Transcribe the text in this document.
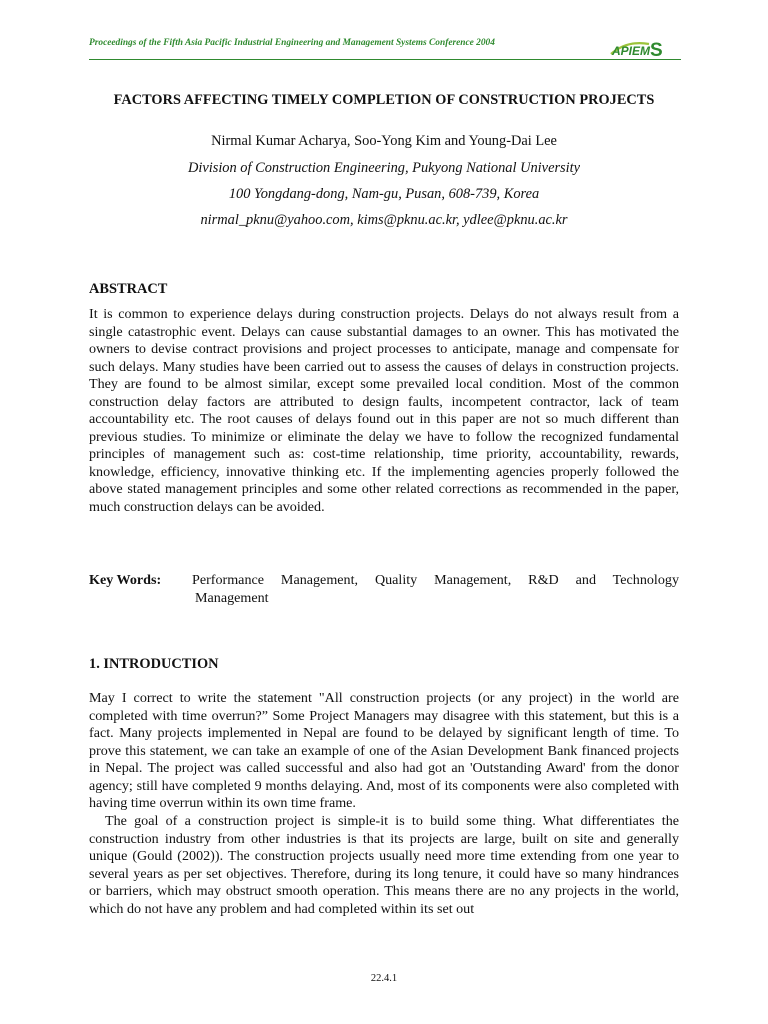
Proceedings of the Fifth Asia Pacific Industrial Engineering and Management Systems Conference 2004
APIEM S
FACTORS AFFECTING TIMELY COMPLETION OF CONSTRUCTION PROJECTS
Nirmal Kumar Acharya, Soo-Yong Kim and Young-Dai Lee
Division of Construction Engineering, Pukyong National University
100 Yongdang-dong, Nam-gu, Pusan, 608-739, Korea
nirmal_pknu@yahoo.com, kims@pknu.ac.kr, ydlee@pknu.ac.kr
ABSTRACT

It is common to experience delays during construction projects. Delays do not always result from a single catastrophic event. Delays can cause substantial damages to an owner. This has motivated the owners to devise contract provisions and project processes to anticipate, manage and compensate for such delays. Many studies have been carried out to assess the causes of delays in construction projects. They are found to be almost similar, except some prevailed local condition. Most of the common construction delay factors are attributed to design faults, incompetent contractor, lack of team accountability etc. The root causes of delays found out in this paper are not so much different than previous studies. To minimize or eliminate the delay we have to follow the recognized fundamental principles of management such as: cost-time relationship, time priority, accountability, rewards, knowledge, efficiency, innovative thinking etc. If the implementing agencies properly followed the above stated management principles and some other related corrections as recommended in the paper, much construction delays can be avoided.

Key Words: Performance Management, Quality Management, R&D and Technology

Management

1. INTRODUCTION

May I correct to write the statement "All construction projects (or any project) in the world are completed with time overrun?” Some Project Managers may disagree with this statement, but this is a fact. Many projects implemented in Nepal are found to be delayed by significant length of time. To prove this statement, we can take an example of one of the Asian Development Bank financed projects in Nepal. The project was called successful and also had got an 'Outstanding Award' from the donor agency; still have completed 9 months delaying. And, most of its components were also completed with having time overrun within its own time frame.

The goal of a construction project is simple-it is to build some thing. What differentiates the construction industry from other industries is that its projects are large, built on site and generally unique (Gould (2002)). The construction projects usually need more time extending from one year to several years as per set objectives. Therefore, during its long tenure, it could have so many hindrances or barriers, which may obstruct smooth operation. This means there are no any projects in the world, which do not have any problem and had completed within its set out

22.4.1
